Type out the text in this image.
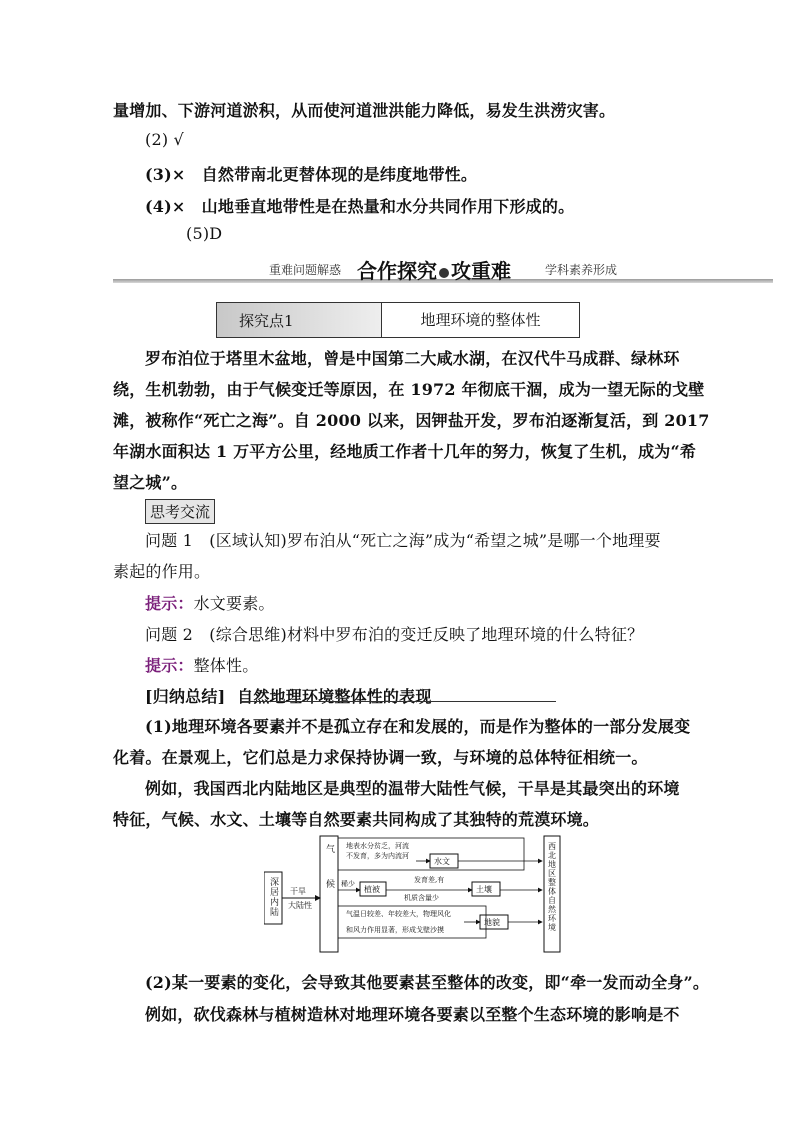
量增加、下游河道淤积，从而使河道泄洪能力降低，易发生洪涝灾害。
(2) √
(3)×　自然带南北更替体现的是纬度地带性。
(4)×　山地垂直地带性是在热量和水分共同作用下形成的。
(5)D
重难问题解惑 合作探究 攻重难	学科素养形成
探究点1	地理环境的整体性
罗布泊位于塔里木盆地，曾是中国第二大咸水湖，在汉代牛马成群、绿林环
绕，生机勃勃，由于气候变迁等原因，在 1972 年彻底干涸，成为一望无际的戈壁
滩，被称作“死亡之海”。自 2000 以来，因钾盐开发，罗布泊逐渐复活，到 2017
年湖水面积达 1 万平方公里，经地质工作者十几年的努力，恢复了生机，成为“希
望之城”。
思考交流
问题 1　(区域认知)罗布泊从“死亡之海”成为“希望之城”是哪一个地理要
素起的作用。
提示：水文要素。
问题 2　(综合思维)材料中罗布泊的变迁反映了地理环境的什么特征？
提示：整体性。
[归纳总结] 自然地理环境整体性的表现
(1)地理环境各要素并不是孤立存在和发展的，而是作为整体的一部分发展变
化着。在景观上，它们总是力求保持协调一致，与环境的总体特征相统一。
例如，我国西北内陆地区是典型的温带大陆性气候，干旱是其最突出的环境
特征，气候、水文、土壤等自然要素共同构成了其独特的荒漠环境。
深居内陆 干旱
大陆性 气候 地表水分贫乏，河流
不发育，多为内流河
水文
稀少
植被
发育差,有
机质含量少
土壤
气温日较差、年较差大，物理风化
和风力作用显著，形成戈壁沙摸
地貌	西北地区整体自然环境
(2)某一要素的变化，会导致其他要素甚至整体的改变，即“牵一发而动全身”。
例如，砍伐森林与植树造林对地理环境各要素以至整个生态环境的影响是不
